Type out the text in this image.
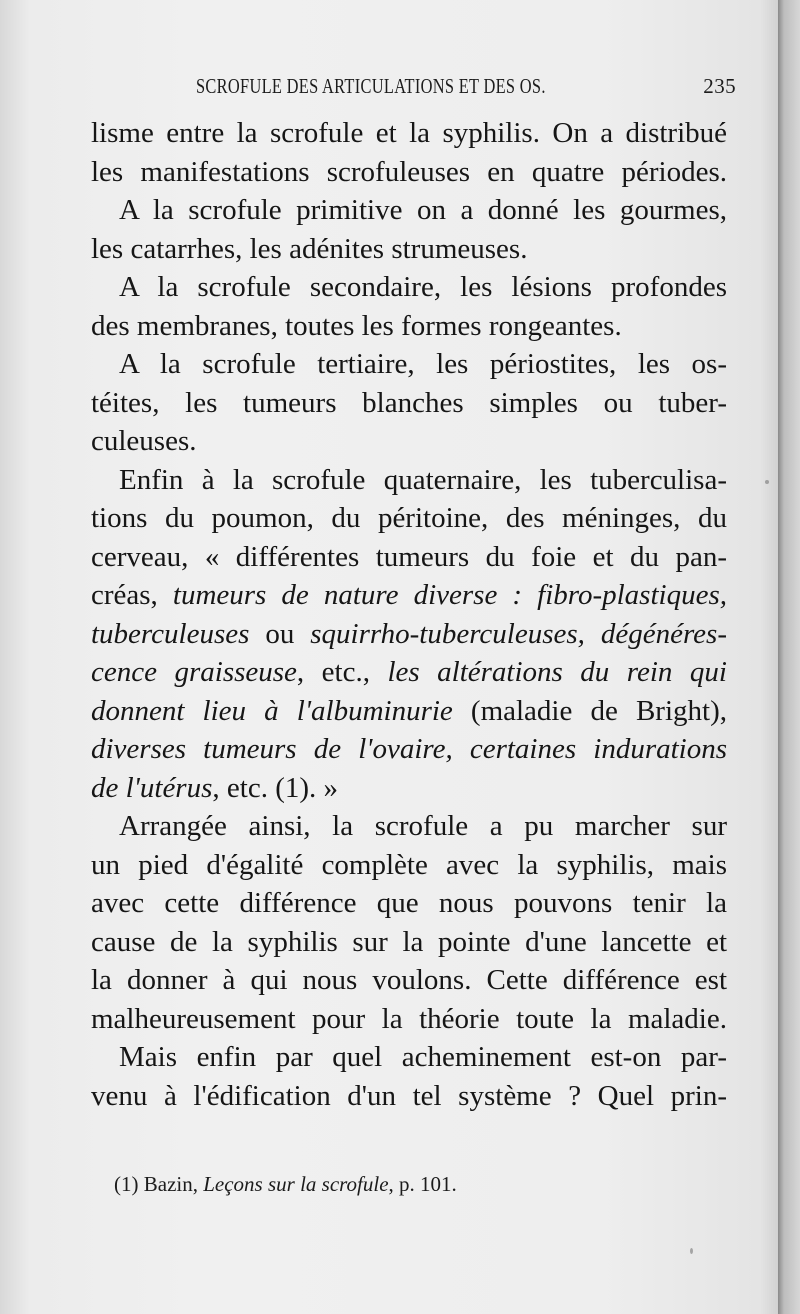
SCROFULE DES ARTICULATIONS ET DES OS.	235
lisme entre la scrofule et la syphilis. On a distribué
les manifestations scrofuleuses en quatre périodes.
A la scrofule primitive on a donné les gourmes,
les catarrhes, les adénites strumeuses.
A la scrofule secondaire, les lésions profondes
des membranes, toutes les formes rongeantes.
A la scrofule tertiaire, les périostites, les os-
téites, les tumeurs blanches simples ou tuber-
culeuses.
Enfin à la scrofule quaternaire, les tuberculisa-
tions du poumon, du péritoine, des méninges, du
cerveau, « différentes tumeurs du foie et du pan-
créas, tumeurs de nature diverse : fibro-plastiques,
tuberculeuses ou squirrho-tuberculeuses, dégénéres-
cence graisseuse, etc., les altérations du rein qui
donnent lieu à l'albuminurie (maladie de Bright),
diverses tumeurs de l'ovaire, certaines indurations
de l'utérus, etc. (1). »
Arrangée ainsi, la scrofule a pu marcher sur
un pied d'égalité complète avec la syphilis, mais
avec cette différence que nous pouvons tenir la
cause de la syphilis sur la pointe d'une lancette et
la donner à qui nous voulons. Cette différence est
malheureusement pour la théorie toute la maladie.
Mais enfin par quel acheminement est-on par-
venu à l'édification d'un tel système ? Quel prin-
(1) Bazin, Leçons sur la scrofule, p. 101.
